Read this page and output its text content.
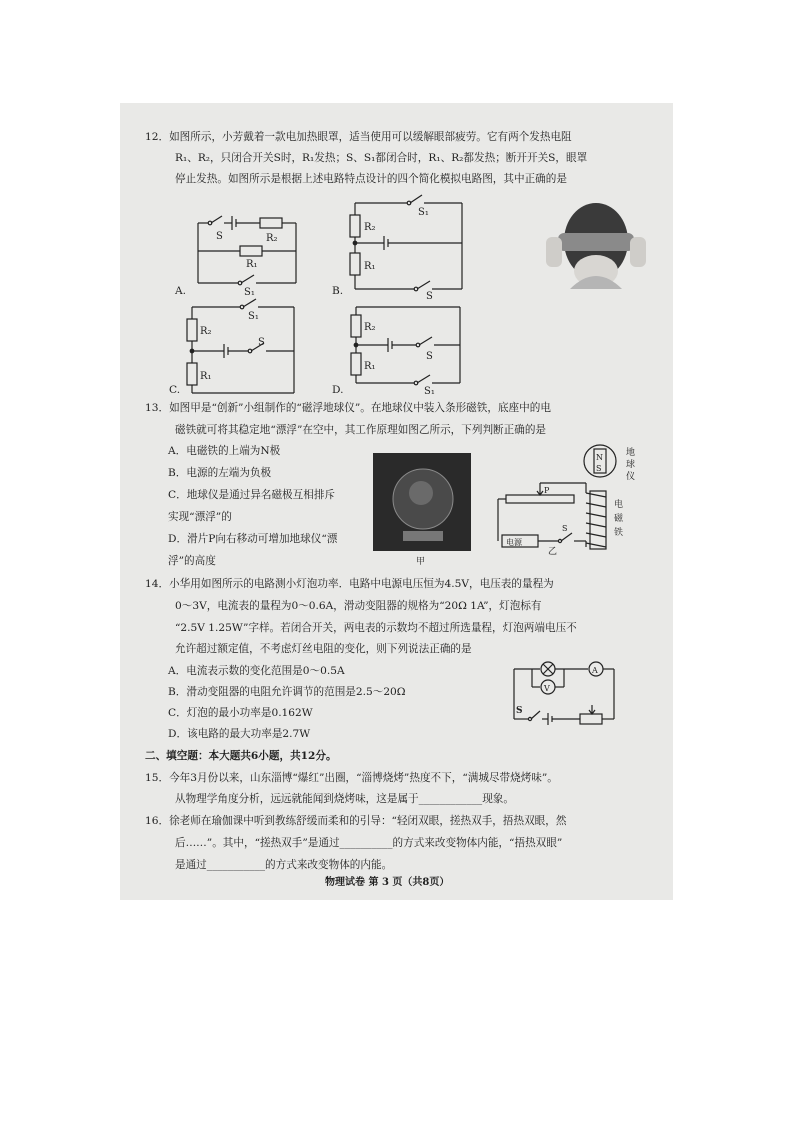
12．如图所示，小芳戴着一款电加热眼罩，适当使用可以缓解眼部疲劳。它有两个发热电阻
R₁、R₂，只闭合开关S时，R₁发热；S、S₁都闭合时，R₁、R₂都发热；断开开关S，眼罩
停止发热。如图所示是根据上述电路特点设计的四个简化模拟电路图，其中正确的是
S	R₂
R₁
S₁
A.
S₁
R₂
R₁
S
B.
S₁
R₂
S
R₁
C.
R₂
S
R₁
S₁
D.
13．如图甲是“创新”小组制作的“磁浮地球仪”。在地球仪中装入条形磁铁，底座中的电
磁铁就可将其稳定地“漂浮”在空中，其工作原理如图乙所示，下列判断正确的是
A．电磁铁的上端为N极
B．电源的左端为负极
C．地球仪是通过异名磁极互相排斥
实现“漂浮”的
D．滑片P向右移动可增加地球仪“漂
浮”的高度	甲
N
S
地
球
仪
P
电
磁
铁
电源
S
乙
14．小华用如图所示的电路测小灯泡功率．电路中电源电压恒为4.5V，电压表的量程为
0～3V，电流表的量程为0～0.6A，滑动变阻器的规格为“20Ω 1A”，灯泡标有
“2.5V 1.25W”字样。若闭合开关，两电表的示数均不超过所选量程，灯泡两端电压不
允许超过额定值，不考虑灯丝电阻的变化，则下列说法正确的是
A．电流表示数的变化范围是0～0.5A
B．滑动变阻器的电阻允许调节的范围是2.5～20Ω
C．灯泡的最小功率是0.162W
D．该电路的最大功率是2.7W
A
V
S
二、填空题：本大题共6小题，共12分。
15．今年3月份以来，山东淄博“爆红”出圈，“淄博烧烤”热度不下，“满城尽带烧烤味”。
从物理学角度分析，远远就能闻到烧烤味，这是属于____________现象。
16．徐老师在瑜伽课中听到教练舒缓而柔和的引导：“轻闭双眼，搓热双手，捂热双眼，然
后……”。其中，“搓热双手”是通过__________的方式来改变物体内能，“捂热双眼”
是通过___________的方式来改变物体的内能。
物理试卷 第 3 页（共8页）
